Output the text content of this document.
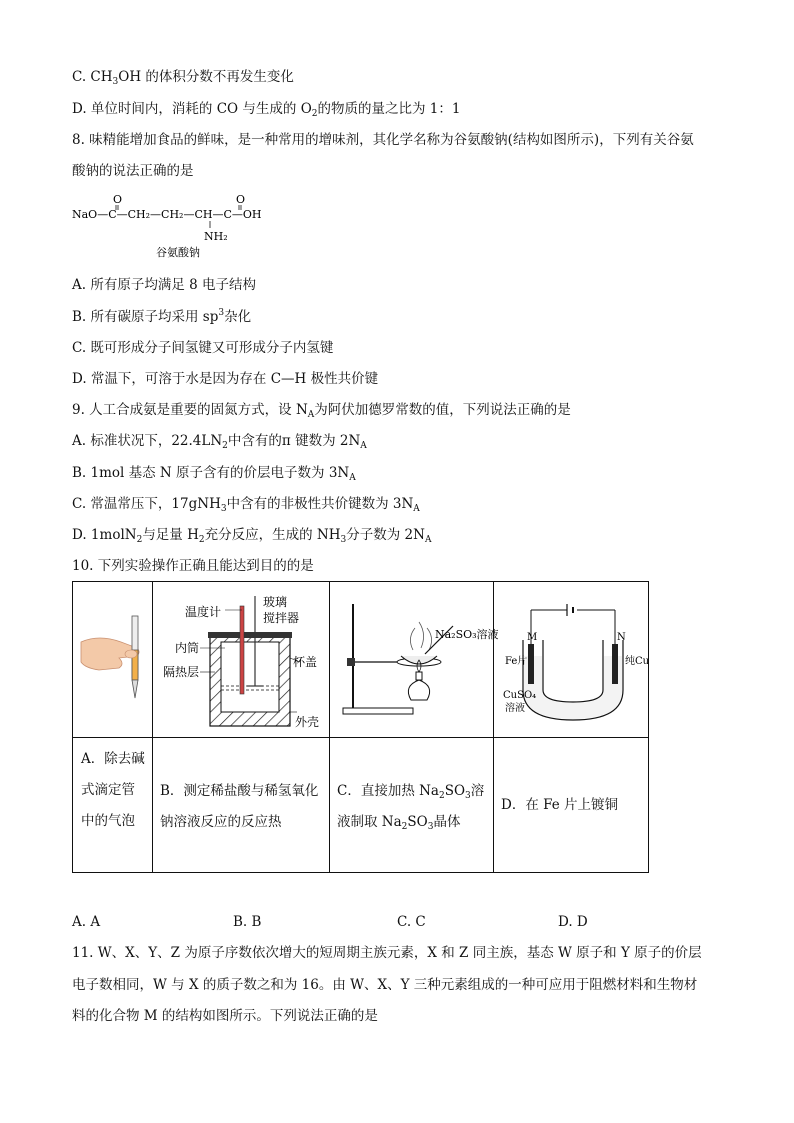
C. $CH_3OH$ 的体积分数不再发生变化
D. 单位时间内，消耗的 CO 与生成的 $O_2$的物质的量之比为 1：1
8. 味精能增加食品的鲜味，是一种常用的增味剂，其化学名称为谷氨酸钠(结构如图所示)，下列有关谷氨
酸钠的说法正确的是
O	O
NaO—C—CH₂—CH₂—CH—C—OH
NH₂
谷氨酸钠
A. 所有原子均满足 8 电子结构
B. 所有碳原子均采用 $sp^3$杂化
C. 既可形成分子间氢键又可形成分子内氢键
D. 常温下，可溶于水是因为存在 C—H 极性共价键
9. 人工合成氨是重要的固氮方式，设 $N_A$为阿伏加德罗常数的值，下列说法正确的是
A. 标准状况下，$22.4LN_2$中含有的π 键数为 $2N_A$
B. 1mol 基态 N 原子含有的价层电子数为 $3N_A$
C. 常温常压下，17gNH$_3$中含有的非极性共价键数为 $3N_A$
D. 1molN$_2$与足量 $H_2$充分反应，生成的 $NH_3$分子数为 $2N_A$
10. 下列实验操作正确且能达到目的的是
温度计
玻璃
搅拌器
内筒
杯盖
隔热层
外壳
Na₂SO₃溶液	M	N
Fe片	纯Cu
CuSO₄
溶液
A．除去碱式滴定管中的气泡
B．测定稀盐酸与稀氢氧化钠溶液反应的反应热
C．直接加热 $Na_2SO_3$溶液制取 $Na_2SO_3$晶体
D．在 Fe 片上镀铜
A. A	B. B	C. C	D. D
11. W、X、Y、Z 为原子序数依次增大的短周期主族元素，X 和 Z 同主族，基态 W 原子和 Y 原子的价层
电子数相同，W 与 X 的质子数之和为 16。由 W、X、Y 三种元素组成的一种可应用于阻燃材料和生物材
料的化合物 M 的结构如图所示。下列说法正确的是
